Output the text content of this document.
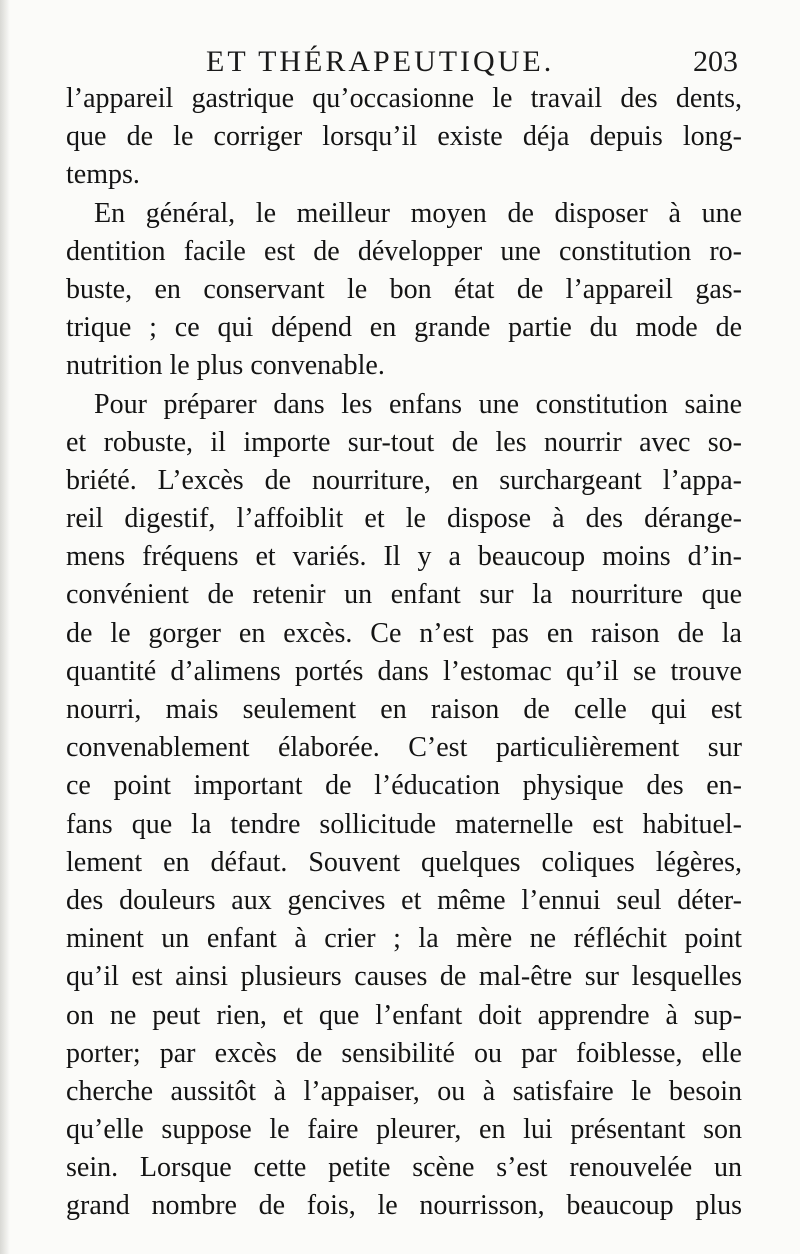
ET THÉRAPEUTIQUE.	203
l’appareil gastrique qu’occasionne le travail des dents,
que de le corriger lorsqu’il existe déja depuis long-
temps.
En général, le meilleur moyen de disposer à une
dentition facile est de développer une constitution ro-
buste, en conservant le bon état de l’appareil gas-
trique ; ce qui dépend en grande partie du mode de
nutrition le plus convenable.
Pour préparer dans les enfans une constitution saine
et robuste, il importe sur-tout de les nourrir avec so-
briété. L’excès de nourriture, en surchargeant l’appa-
reil digestif, l’affoiblit et le dispose à des dérange-
mens fréquens et variés. Il y a beaucoup moins d’in-
convénient de retenir un enfant sur la nourriture que
de le gorger en excès. Ce n’est pas en raison de la
quantité d’alimens portés dans l’estomac qu’il se trouve
nourri, mais seulement en raison de celle qui est
convenablement élaborée. C’est particulièrement sur
ce point important de l’éducation physique des en-
fans que la tendre sollicitude maternelle est habituel-
lement en défaut. Souvent quelques coliques légères,
des douleurs aux gencives et même l’ennui seul déter-
minent un enfant à crier ; la mère ne réfléchit point
qu’il est ainsi plusieurs causes de mal-être sur lesquelles
on ne peut rien, et que l’enfant doit apprendre à sup-
porter; par excès de sensibilité ou par foiblesse, elle
cherche aussitôt à l’appaiser, ou à satisfaire le besoin
qu’elle suppose le faire pleurer, en lui présentant son
sein. Lorsque cette petite scène s’est renouvelée un
grand nombre de fois, le nourrisson, beaucoup plus
